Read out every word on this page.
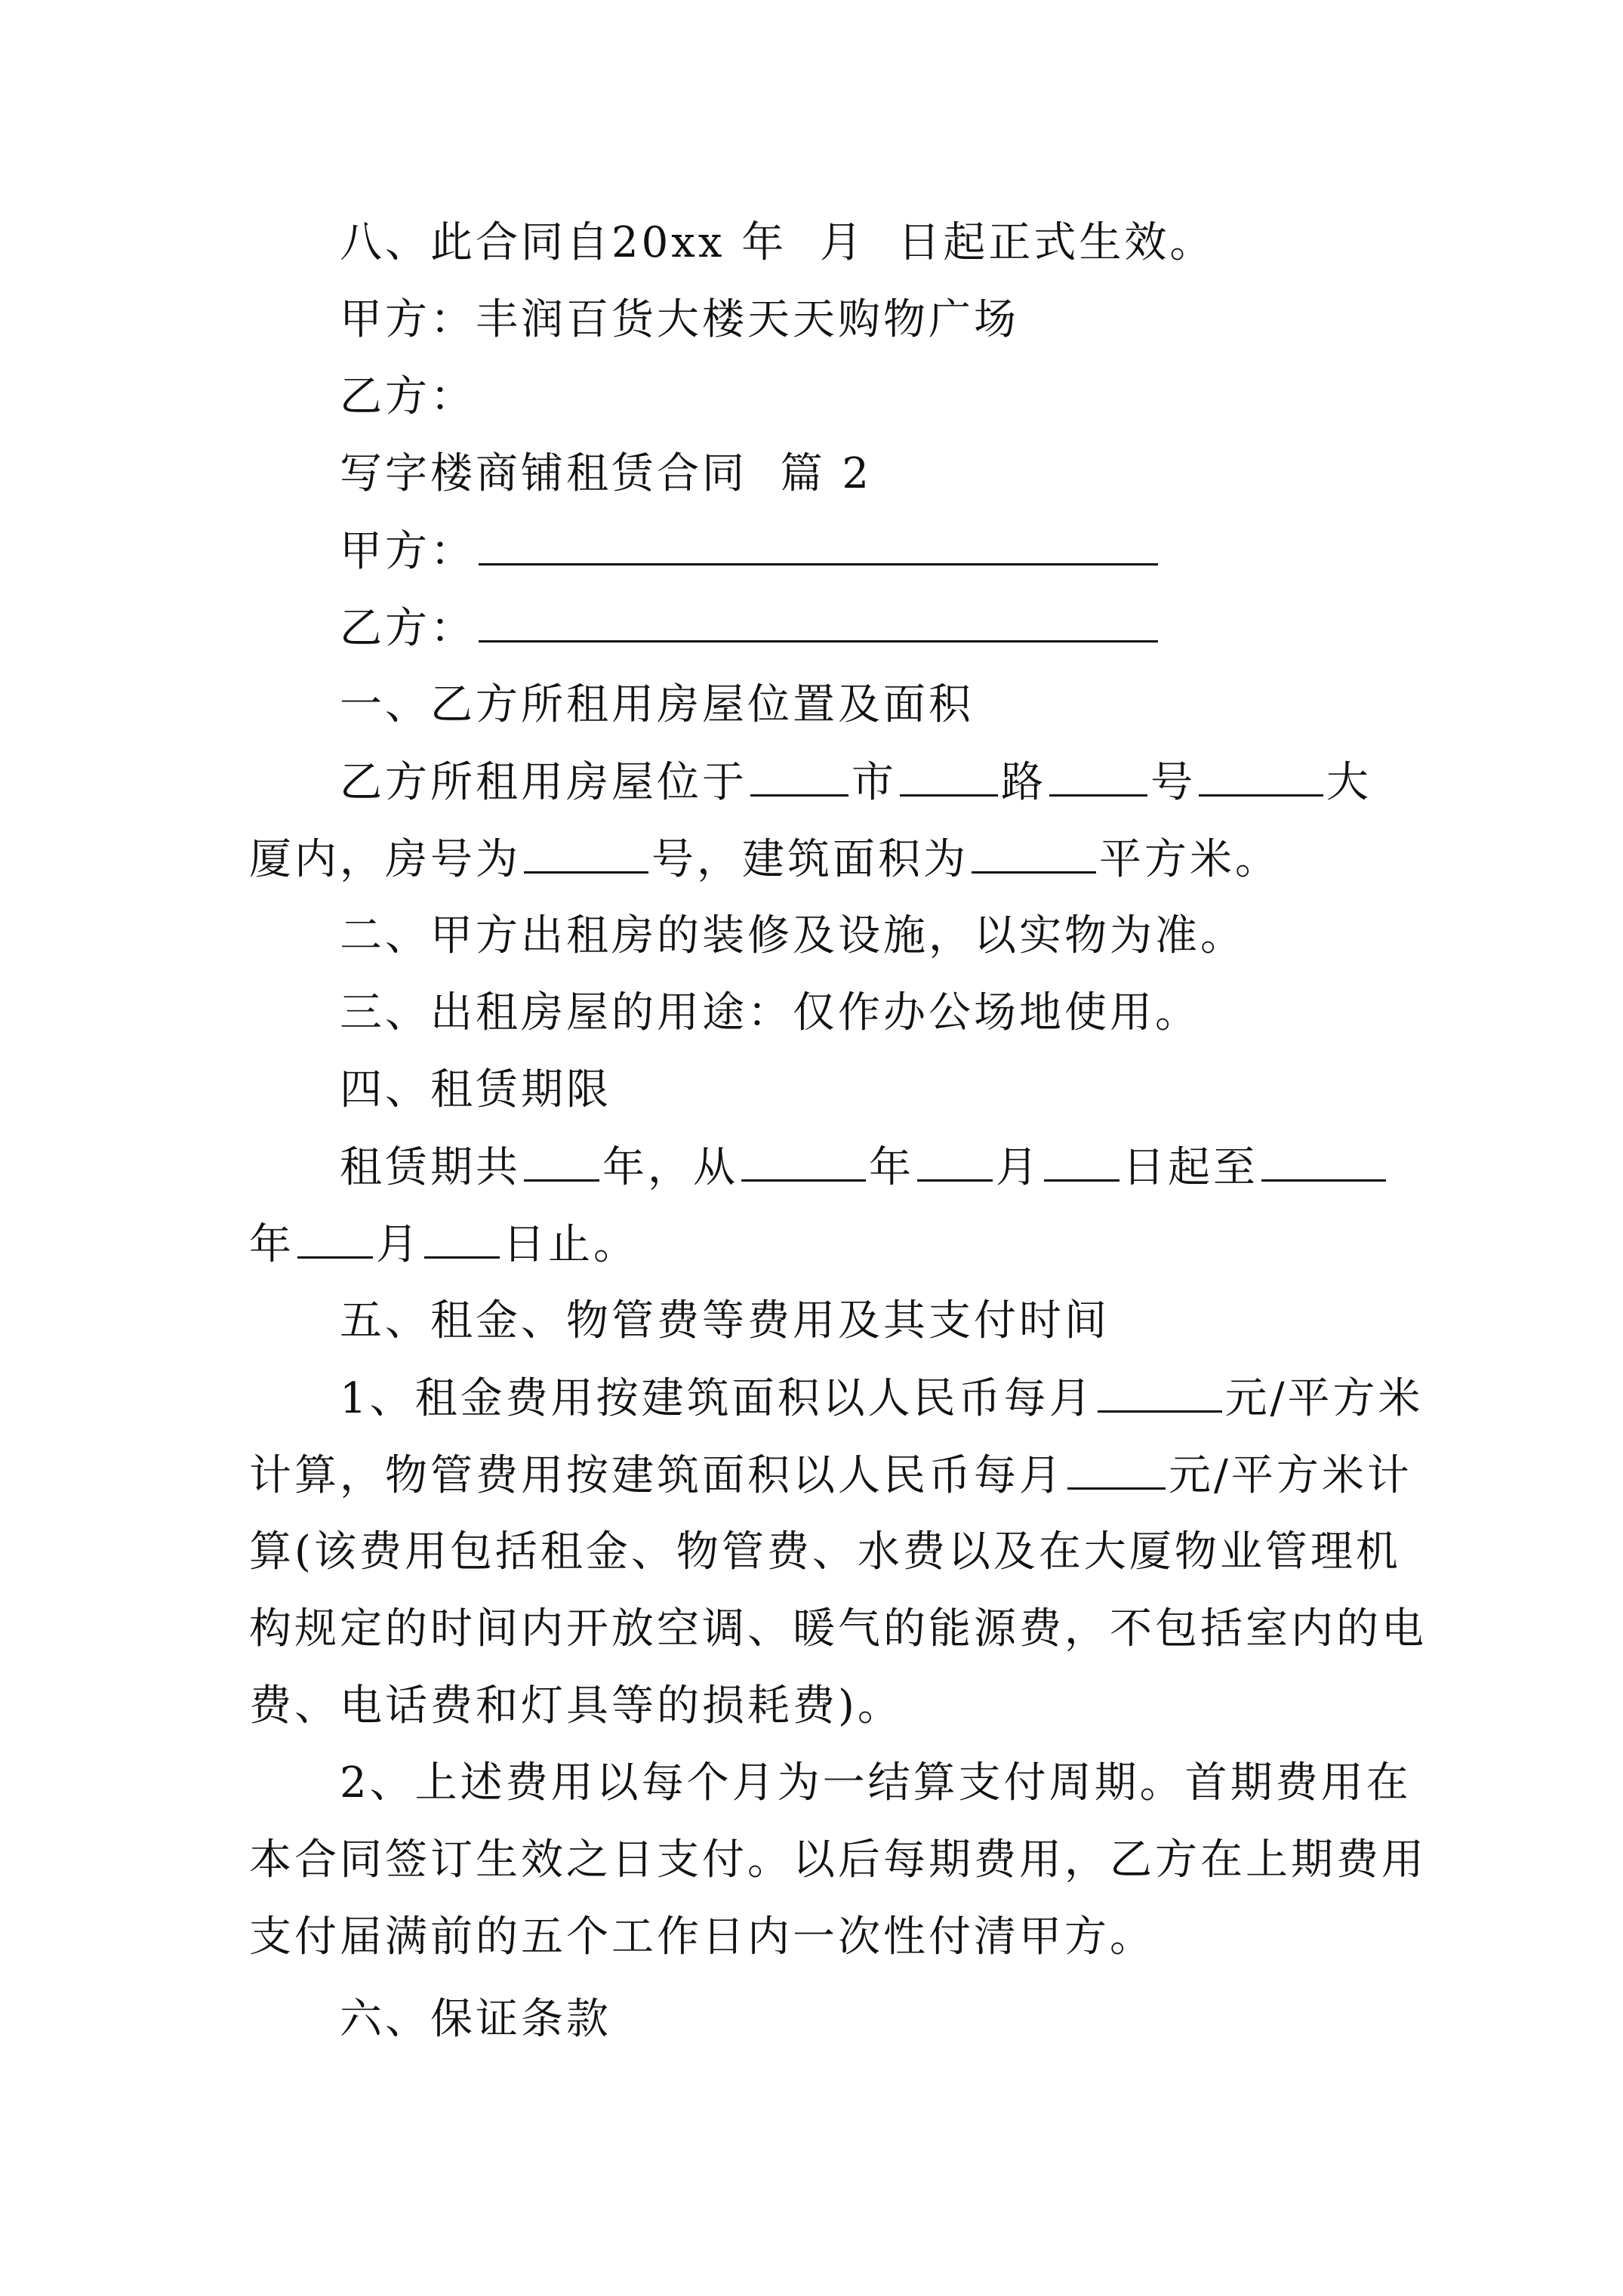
八、此合同自20xx 年  月  日起正式生效。
甲方：丰润百货大楼天天购物广场
乙方：
写字楼商铺租赁合同  篇 2
甲方：
乙方：
一、乙方所租用房屋位置及面积
乙方所租用房屋位于 市 路 号	大
厦内，房号为	号，建筑面积为	平方米。
二、甲方出租房的装修及设施，以实物为准。
三、出租房屋的用途：仅作办公场地使用。
四、租赁期限
租赁期共 年，从	年 月 日起至
年 月 日止。
五、租金、物管费等费用及其支付时间
1、租金费用按建筑面积以人民币每月	元/平方米
计算，物管费用按建筑面积以人民币每月 元/平方米计
算(该费用包括租金、物管费、水费以及在大厦物业管理机
构规定的时间内开放空调、暖气的能源费，不包括室内的电
费、电话费和灯具等的损耗费)。
2、上述费用以每个月为一结算支付周期。首期费用在
本合同签订生效之日支付。以后每期费用，乙方在上期费用
支付届满前的五个工作日内一次性付清甲方。
六、保证条款
